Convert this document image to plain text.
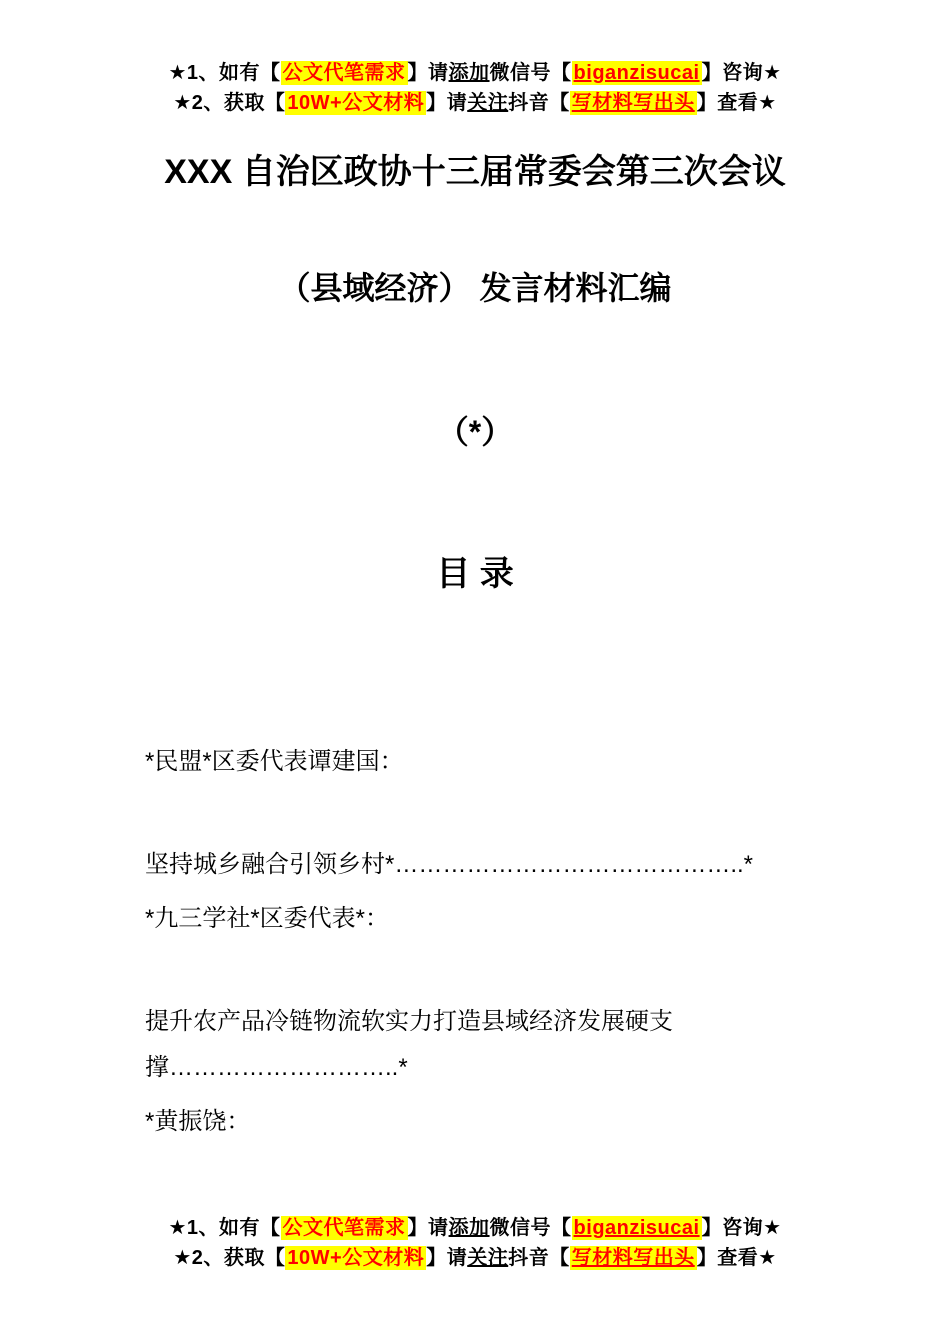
★1、如有【 公文代笔需求 】请添加微信号【 biganzisucai 】咨询★

★2、获取【 10W+公文材料 】请关注抖音【 写材料写出头 】查看★

XXX 自治区政协十三届常委会第三次会议
（县域经济） 发言材料汇编

（*）

目 录

*民盟*区委代表谭建国：

坚持城乡融合引领乡村*……………………………………..*

*九三学社*区委代表*：

提升农产品冷链物流软实力打造县域经济发展硬支撑………………………..*

*黄振饶：

★1、如有【 公文代笔需求 】请添加微信号【 biganzisucai 】咨询★

★2、获取【 10W+公文材料 】请关注抖音【 写材料写出头 】查看★
